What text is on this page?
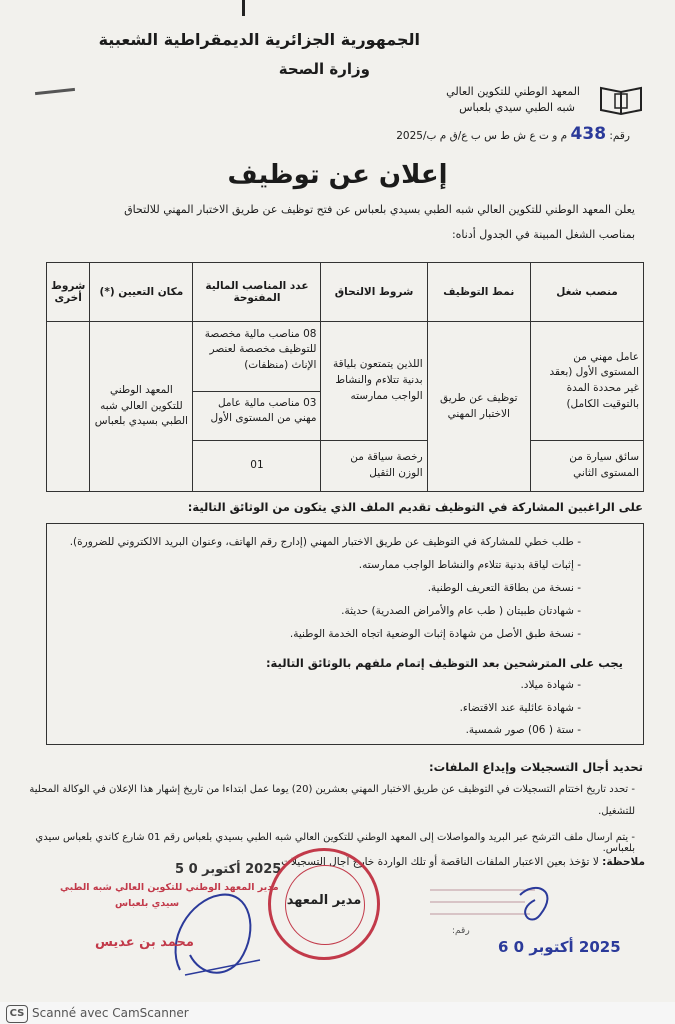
الجمهورية الجزائرية الديمقراطية الشعبية
وزارة الصحة
المعهد الوطني للتكوين العالي
شبه الطبي سيدي بلعباس
رقم: 438 م و ت ع ش ط س ب ع/ق م ب/2025
إعلان عن توظيف
يعلن المعهد الوطني للتكوين العالي شبه الطبي بسيدي بلعباس عن فتح توظيف عن طريق الاختبار المهني للالتحاق
بمناصب الشغل المبينة في الجدول أدناه:
منصب شغل	نمط التوظيف	شروط الالتحاق	عدد المناصب المالية المفتوحة	مكان التعيين (*)	شروط أخرى
عامل مهني من المستوى الأول (بعقد غير محددة المدة بالتوقيت الكامل)	توظيف عن طريق الاختبار المهني	اللذين يتمتعون بلياقة بدنية تتلاءم والنشاط الواجب ممارسته	08 مناصب مالية مخصصة للتوظيف مخصصة لعنصر الإناث (منظفات)
03 مناصب مالية عامل مهني من المستوى الأول	المعهد الوطني للتكوين العالي شبه الطبي بسيدي بلعباس	
سائق سيارة من المستوى الثاني		رخصة سياقة من الوزن الثقيل	01		
على الراغبين المشاركة في التوظيف تقديم الملف الذي يتكون من الوثائق التالية:
- طلب خطي للمشاركة في التوظيف عن طريق الاختبار المهني (إدارج رقم الهاتف، وعنوان البريد الالكتروني للضرورة).
- إثبات لياقة بدنية تتلاءم والنشاط الواجب ممارسته.
- نسخة من بطاقة التعريف الوطنية.
- شهادتان طبيتان ( طب عام والأمراض الصدرية) حديثة.
- نسخة طبق الأصل من شهادة إثبات الوضعية اتجاه الخدمة الوطنية.
يجب على المترشحين بعد التوظيف إتمام ملفهم بالوثائق التالية:
- شهادة ميلاد.
- شهادة عائلية عند الاقتضاء.
- ستة ( 06) صور شمسية.
تحديد أجال التسجيلات وإيداع الملفات:
- تحدد تاريخ اختتام التسجيلات في التوظيف عن طريق الاختبار المهني بعشرين (20) يوما عمل ابتداءا من تاريخ إشهار هذا الإعلان في الوكالة المحلية
للتشغيل.
- يتم ارسال ملف الترشح عبر البريد والمواصلات إلى المعهد الوطني للتكوين العالي شبه الطبي بسيدي بلعباس رقم 01 شارع كاندي بلعباس سيدي بلعباس.
ملاحظة: لا تؤخذ بعين الاعتبار الملفات الناقصة أو تلك الواردة خارج آجال التسجيلات.
2025 أكتوبر 0 5
مدير المعهد الوطني للتكوين العالي شبه الطبي
سيدي بلعباس
محمد بن عديس
مدير المعهد
رقم:
2025 أكتوبر 0 6
CS Scanné avec CamScanner
